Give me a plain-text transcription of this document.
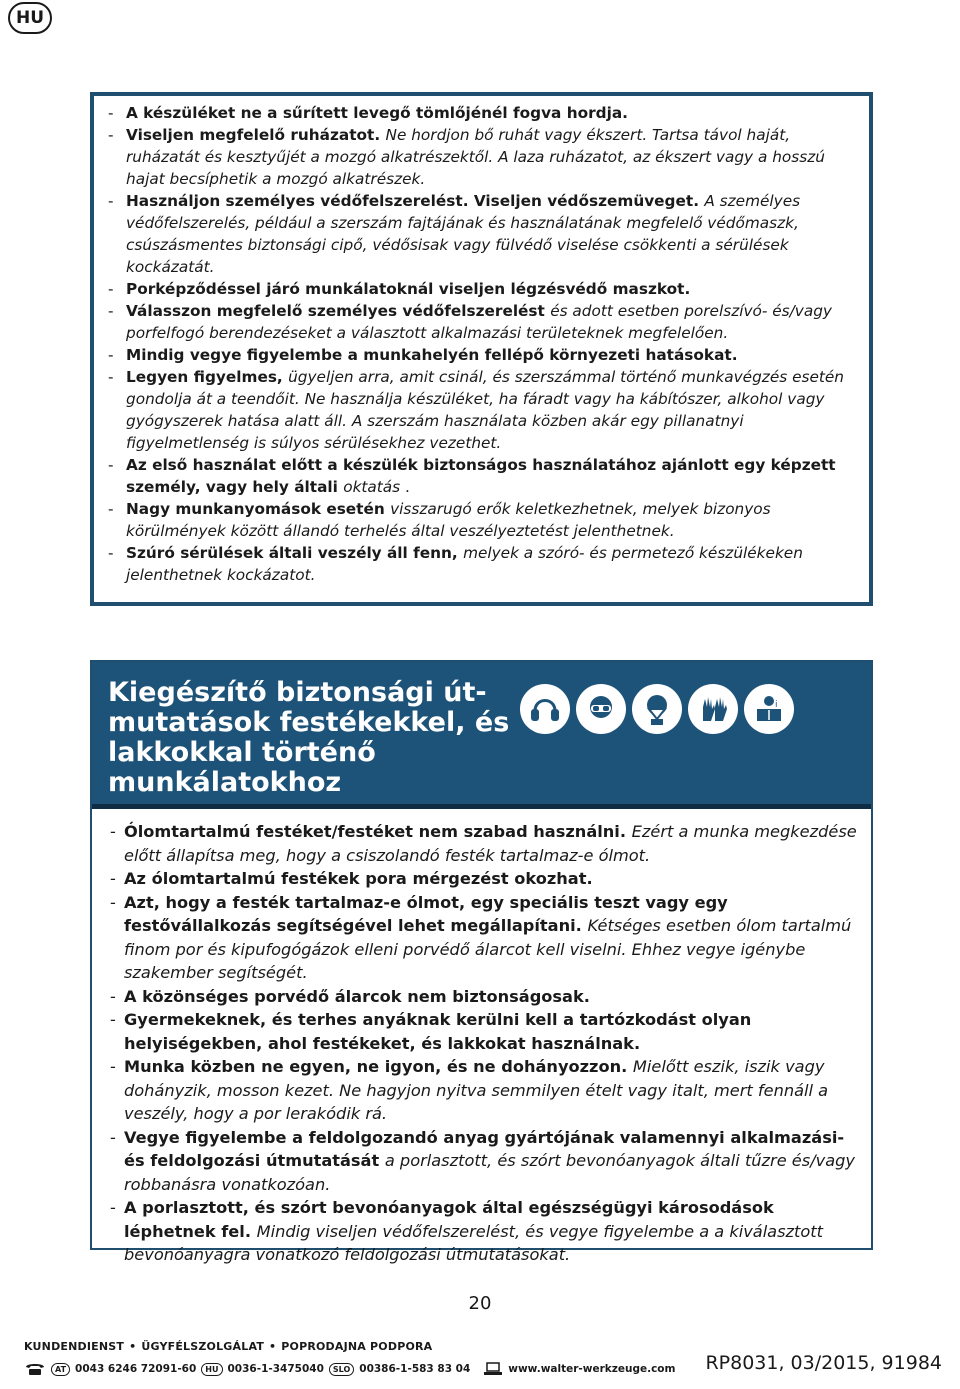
HU
- A készüléket ne a sűrített levegő tömlőjénél fogva hordja.
- Viseljen megfelelő ruházatot. Ne hordjon bő ruhát vagy ékszert. Tartsa távol haját, ruházatát és kesztyűjét a mozgó alkatrészektől. A laza ruházatot, az ékszert vagy a hosszú hajat becsíphetik a mozgó alkatrészek.
- Használjon személyes védőfelszerelést. Viseljen védőszemüveget. A személyes védőfelszerelés, például a szerszám fajtájának és használatának megfelelő védőmaszk, csúszásmentes biztonsági cipő, védősisak vagy fülvédő viselése csökkenti a sérülések kockázatát.
- Porképződéssel járó munkálatoknál viseljen légzésvédő maszkot.
- Válasszon megfelelő személyes védőfelszerelést és adott esetben porelszívó- és/vagy porfelfogó berendezéseket a választott alkalmazási területeknek megfelelően.
- Mindig vegye figyelembe a munkahelyén fellépő környezeti hatásokat.
- Legyen figyelmes, ügyeljen arra, amit csinál, és szerszámmal történő munkavégzés esetén gondolja át a teendőit. Ne használja készüléket, ha fáradt vagy ha kábítószer, alkohol vagy gyógyszerek hatása alatt áll. A szerszám használata közben akár egy pillanatnyi figyelmetlenség is súlyos sérülésekhez vezethet.
- Az első használat előtt a készülék biztonságos használatához ajánlott egy képzett személy, vagy hely általi oktatás .
- Nagy munkanyomások esetén visszarugó erők keletkezhetnek, melyek bizonyos körülmények között állandó terhelés által veszélyeztetést jelenthetnek.
- Szúró sérülések általi veszély áll fenn, melyek a szóró- és permetező készülékeken jelenthetnek kockázatot.
Kiegészítő biztonsági út-mutatások festékekkel, és lakkokkal történő munkálatokhoz
i
- Ólomtartalmú festéket/festéket nem szabad használni. Ezért a munka megkezdése előtt állapítsa meg, hogy a csiszolandó festék tartalmaz-e ólmot.
- Az ólomtartalmú festékek pora mérgezést okozhat.
- Azt, hogy a festék tartalmaz-e ólmot, egy speciális teszt vagy egy festővállalkozás segítségével lehet megállapítani. Kétséges esetben ólom tartalmú finom por és kipufogógázok elleni porvédő álarcot kell viselni. Ehhez vegye igénybe szakember segítségét.
- A közönséges porvédő álarcok nem biztonságosak.
- Gyermekeknek, és terhes anyáknak kerülni kell a tartózkodást olyan helyiségekben, ahol festékeket, és lakkokat használnak.
- Munka közben ne egyen, ne igyon, és ne dohányozzon. Mielőtt eszik, iszik vagy dohányzik, mosson kezet. Ne hagyjon nyitva semmilyen ételt vagy italt, mert fennáll a veszély, hogy a por lerakódik rá.
- Vegye figyelembe a feldolgozandó anyag gyártójának valamennyi alkalmazási- és feldolgozási útmutatását a porlasztott, és szórt bevonóanyagok általi tűzre és/vagy robbanásra vonatkozóan.
- A porlasztott, és szórt bevonóanyagok által egészségügyi károsodások léphetnek fel. Mindig viseljen védőfelszerelést, és vegye figyelembe a a kiválasztott bevonóanyagra vonatkozó feldolgozási útmutatásokat.
20
KUNDENDIENST • ÜGYFÉLSZOLGÁLAT • POPRODAJNA PODPORA
AT 0043 6246 72091-60	HU 0036-1-3475040	SLO 00386-1-583 83 04	www.walter-werkzeuge.com RP8031, 03/2015, 91984
